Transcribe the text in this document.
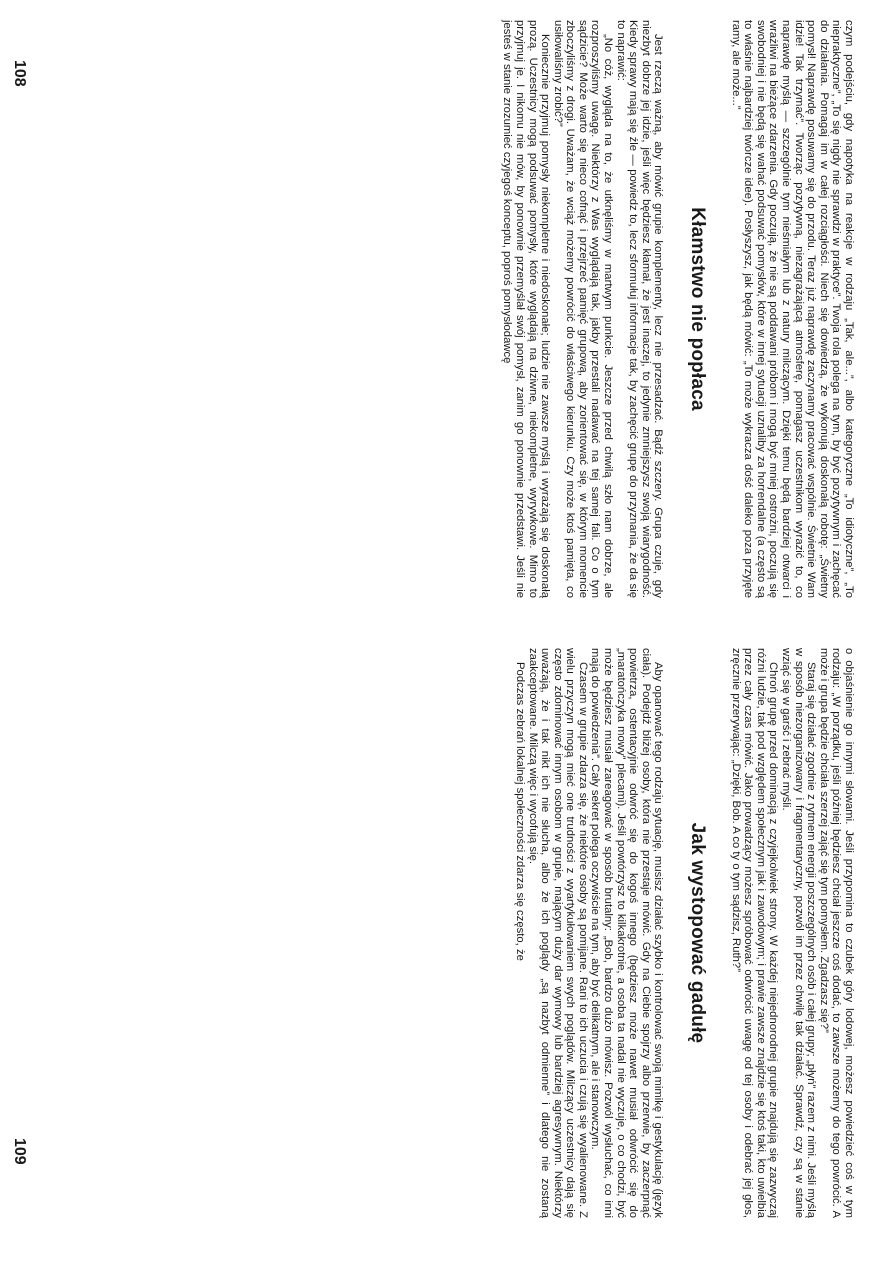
czym podejściu, gdy napotyka na reakcje w rodzaju „Tak, ale...”, albo kategoryczne „To idiotyczne”, „To niepraktyczne”, „To się nigdy nie sprawdzi w praktyce”. Twoja rola polega na tym, by być pozytywnym i zachęcać do działania. Pomagaj im w całej rozciągłości. Niech się dowiedzą, że wykonują doskonałą robotę: „Świetny pomysł! Naprawdę posuwamy się do przodu. Teraz już naprawdę zaczynamy pracować wspólnie. Świetnie Wam idzie! Tak trzymać”. Tworząc pozytywną, niezagrażającą atmosferę, pomagasz uczestnikom wyrazić to, co naprawdę myślą — szczególnie tym nieśmiałym lub z natury milczącym. Dzięki temu będą bardziej otwarci i wrażliwi na bieżące zdarzenia. Gdy poczują, że nie są poddawani próbom i mogą być mniej ostrożni, poczują się swobodniej i nie będą się wahać podsuwać pomysłów, które w innej sytuacji uznaliby za horrendalne (a często są to właśnie najbardziej twórcze idee). Posłyszysz, jak będą mówić: „To może wykracza dość daleko poza przyjęte ramy, ale może...”

Kłamstwo nie popłaca

Jest rzeczą ważną, aby mówić grupie komplementy, lecz nie przesadzać. Bądź szczery. Grupa czuje, gdy niezbyt dobrze jej idzie, jeśli więc będziesz kłamał, że jest inaczej, to jedynie zmniejszysz swoją wiarygodność. Kiedy sprawy mają się źle — powiedz to, lecz sformułuj informacje tak, by zachęcić grupę do przyznania, że da się to naprawić:

„No cóż, wygląda na to, że utknęliśmy w martwym punkcie. Jeszcze przed chwilą szło nam dobrze, ale rozproszyliśmy uwagę. Niektórzy z Was wyglądają tak, jakby przestali nadawać na tej samej fali. Co o tym sądzicie? Może warto się nieco cofnąć i przejrzeć pamięć grupową, aby zorientować się, w którym momencie zboczyliśmy z drogi. Uważam, że wciąż możemy powrócić do właściwego kierunku. Czy może ktoś pamięta, co usiłowaliśmy zrobić?”

Koniecznie przyjmuj pomysły niekompletne i niedoskonałe; ludzie nie zawsze myślą i wyrażają się doskonałą prozą. Uczestnicy mogą podsuwać pomysły, które wyglądają na dziwne, niekompletne, wyrywkowe. Mimo to przyjmuj je. I nikomu nie mów, by ponownie przemyślał swój pomysł, zanim go ponownie przedstawi. Jeśli nie jesteś w stanie zrozumieć czyjegoś konceptu, poproś pomysłodawcę

o objaśnienie go innymi słowami. Jeśli przypomina to czubek góry lodowej, możesz powiedzieć coś w tym rodzaju: „W porządku, jeśli później będziesz chciał jeszcze coś dodać, to zawsze możemy do tego powrócić. A może i grupa będzie chciała szerzej zająć się tym pomysłem. Zgadzasz się?”

Staraj się działać zgodnie z rytmem energii poszczególnych osób i całej grupy; „płyń” razem z nimi. Jeśli myślą w sposób niezorganizowany i fragmentaryczny, pozwól im przez chwilę tak działać. Sprawdź, czy są w stanie wziąć się w garść i zebrać myśli.

Chroń grupę przed dominacją z czyjejkolwiek strony. W każdej niejednorodnej grupie znajdują się zazwyczaj różni ludzie, tak pod względem społecznym jak i zawodowym; i prawie zawsze znajdzie się ktoś taki, kto uwielbia przez cały czas mówić. Jako prowadzący możesz spróbować odwrócić uwagę od tej osoby i odebrać jej głos, zręcznie przerywając: „Dzięki, Bob. A co ty o tym sądzisz, Ruth?”

Jak wystopować gadułę

Aby opanować tego rodzaju sytuację, musisz działać szybko i kontrolować swoją mimikę i gestykulację (język ciała). Podejdź bliżej osoby, która nie przestaje mówić. Gdy na Ciebie spojrzy albo przerwie, by zaczerpnąć powietrza, ostentacyjnie odwróć się do kogoś innego (będziesz może nawet musiał odwrócić się do „maratończyka mowy” plecami). Jeśli powtórzysz to kilkakrotnie, a osoba ta nadal nie wyczuje, o co chodzi, być może będziesz musiał zareagować w sposób brutalny: „Bob, bardzo dużo mówisz. Pozwól wysłuchać, co inni mają do powiedzenia”. Cały sekret polega oczywiście na tym, aby być delikatnym, ale i stanowczym.

Czasem w grupie zdarza się, że niektóre osoby są pomijane. Rani to ich uczucia i czują się wyalienowane. Z wielu przyczyn mogą mieć one trudności z wyartykułowaniem swych poglądów. Milczący uczestnicy dają się często zdominować innym osobom w grupie, mającym duży dar wymowy lub bardziej agresywnym. Niektórzy uważają, że i tak nikt ich nie słucha, albo że ich poglądy „są nazbyt odmienne” i dlatego nie zostaną zaakceptowane. Milczą więc i wycofują się.

Podczas zebrań lokalnej społeczności zdarza się często, że

108
109
